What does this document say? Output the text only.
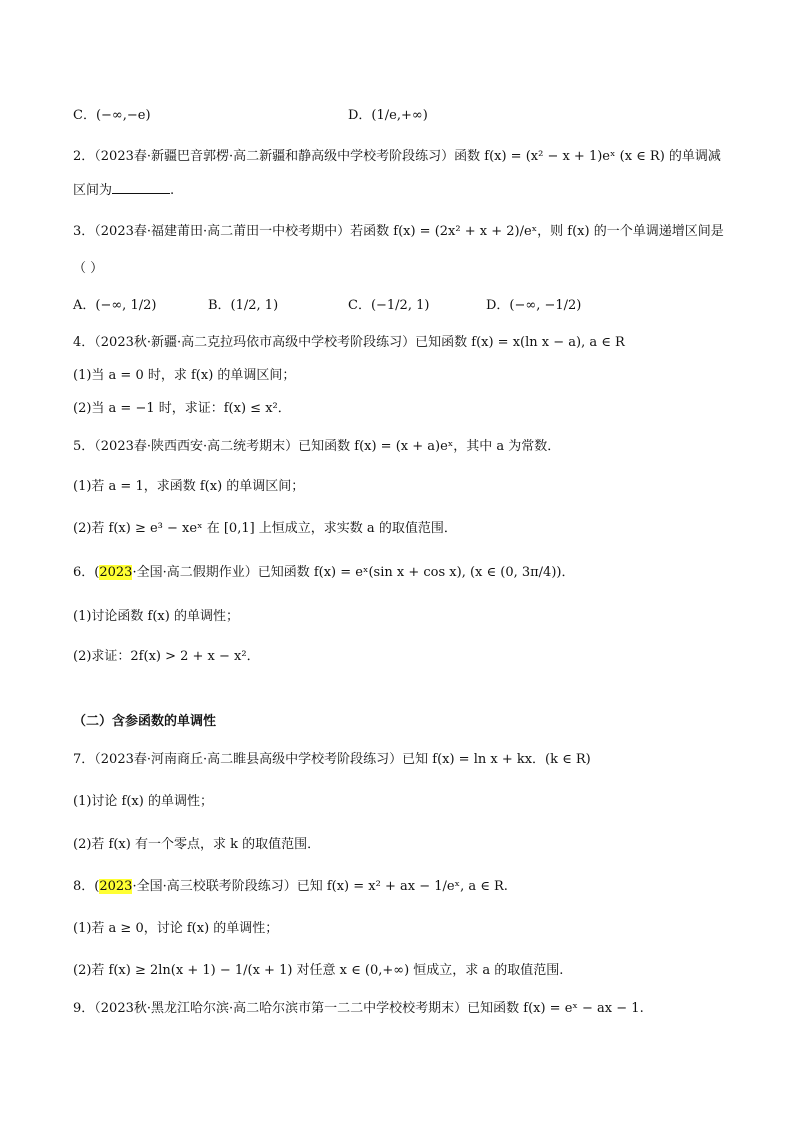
C．(−∞,−e)	D．(1/e,+∞)
2．（2023春·新疆巴音郭楞·高二新疆和静高级中学校考阶段练习）函数 f(x) = (x² − x + 1)eˣ (x ∈ R) 的单调减
区间为	.
3．（2023春·福建莆田·高二莆田一中校考期中）若函数 f(x) = (2x² + x + 2)/eˣ，则 f(x) 的一个单调递增区间是
（ ）
A．(−∞, 1/2)	B．(1/2, 1)	C．(−1/2, 1)	D．(−∞, −1/2)
4．（2023秋·新疆·高二克拉玛依市高级中学校考阶段练习）已知函数 f(x) = x(ln x − a), a ∈ R
(1)当 a = 0 时，求 f(x) 的单调区间；
(2)当 a = −1 时，求证：f(x) ≤ x²．
5．（2023春·陕西西安·高二统考期末）已知函数 f(x) = (x + a)eˣ，其中 a 为常数．
(1)若 a = 1，求函数 f(x) 的单调区间；
(2)若 f(x) ≥ e³ − xeˣ 在 [0,1] 上恒成立，求实数 a 的取值范围．
6．(2023·全国·高二假期作业）已知函数 f(x) = eˣ(sin x + cos x), (x ∈ (0, 3π/4))．
(1)讨论函数 f(x) 的单调性；
(2)求证：2f(x) > 2 + x − x²．
（二）含参函数的单调性
7．（2023春·河南商丘·高二睢县高级中学校考阶段练习）已知 f(x) = ln x + kx．(k ∈ R)
(1)讨论 f(x) 的单调性；
(2)若 f(x) 有一个零点，求 k 的取值范围．
8．(2023·全国·高三校联考阶段练习）已知 f(x) = x² + ax − 1/eˣ, a ∈ R.
(1)若 a ≥ 0，讨论 f(x) 的单调性；
(2)若 f(x) ≥ 2ln(x + 1) − 1/(x + 1) 对任意 x ∈ (0,+∞) 恒成立，求 a 的取值范围.
9．（2023秋·黑龙江哈尔滨·高二哈尔滨市第一二二中学校校考期末）已知函数 f(x) = eˣ − ax − 1.
